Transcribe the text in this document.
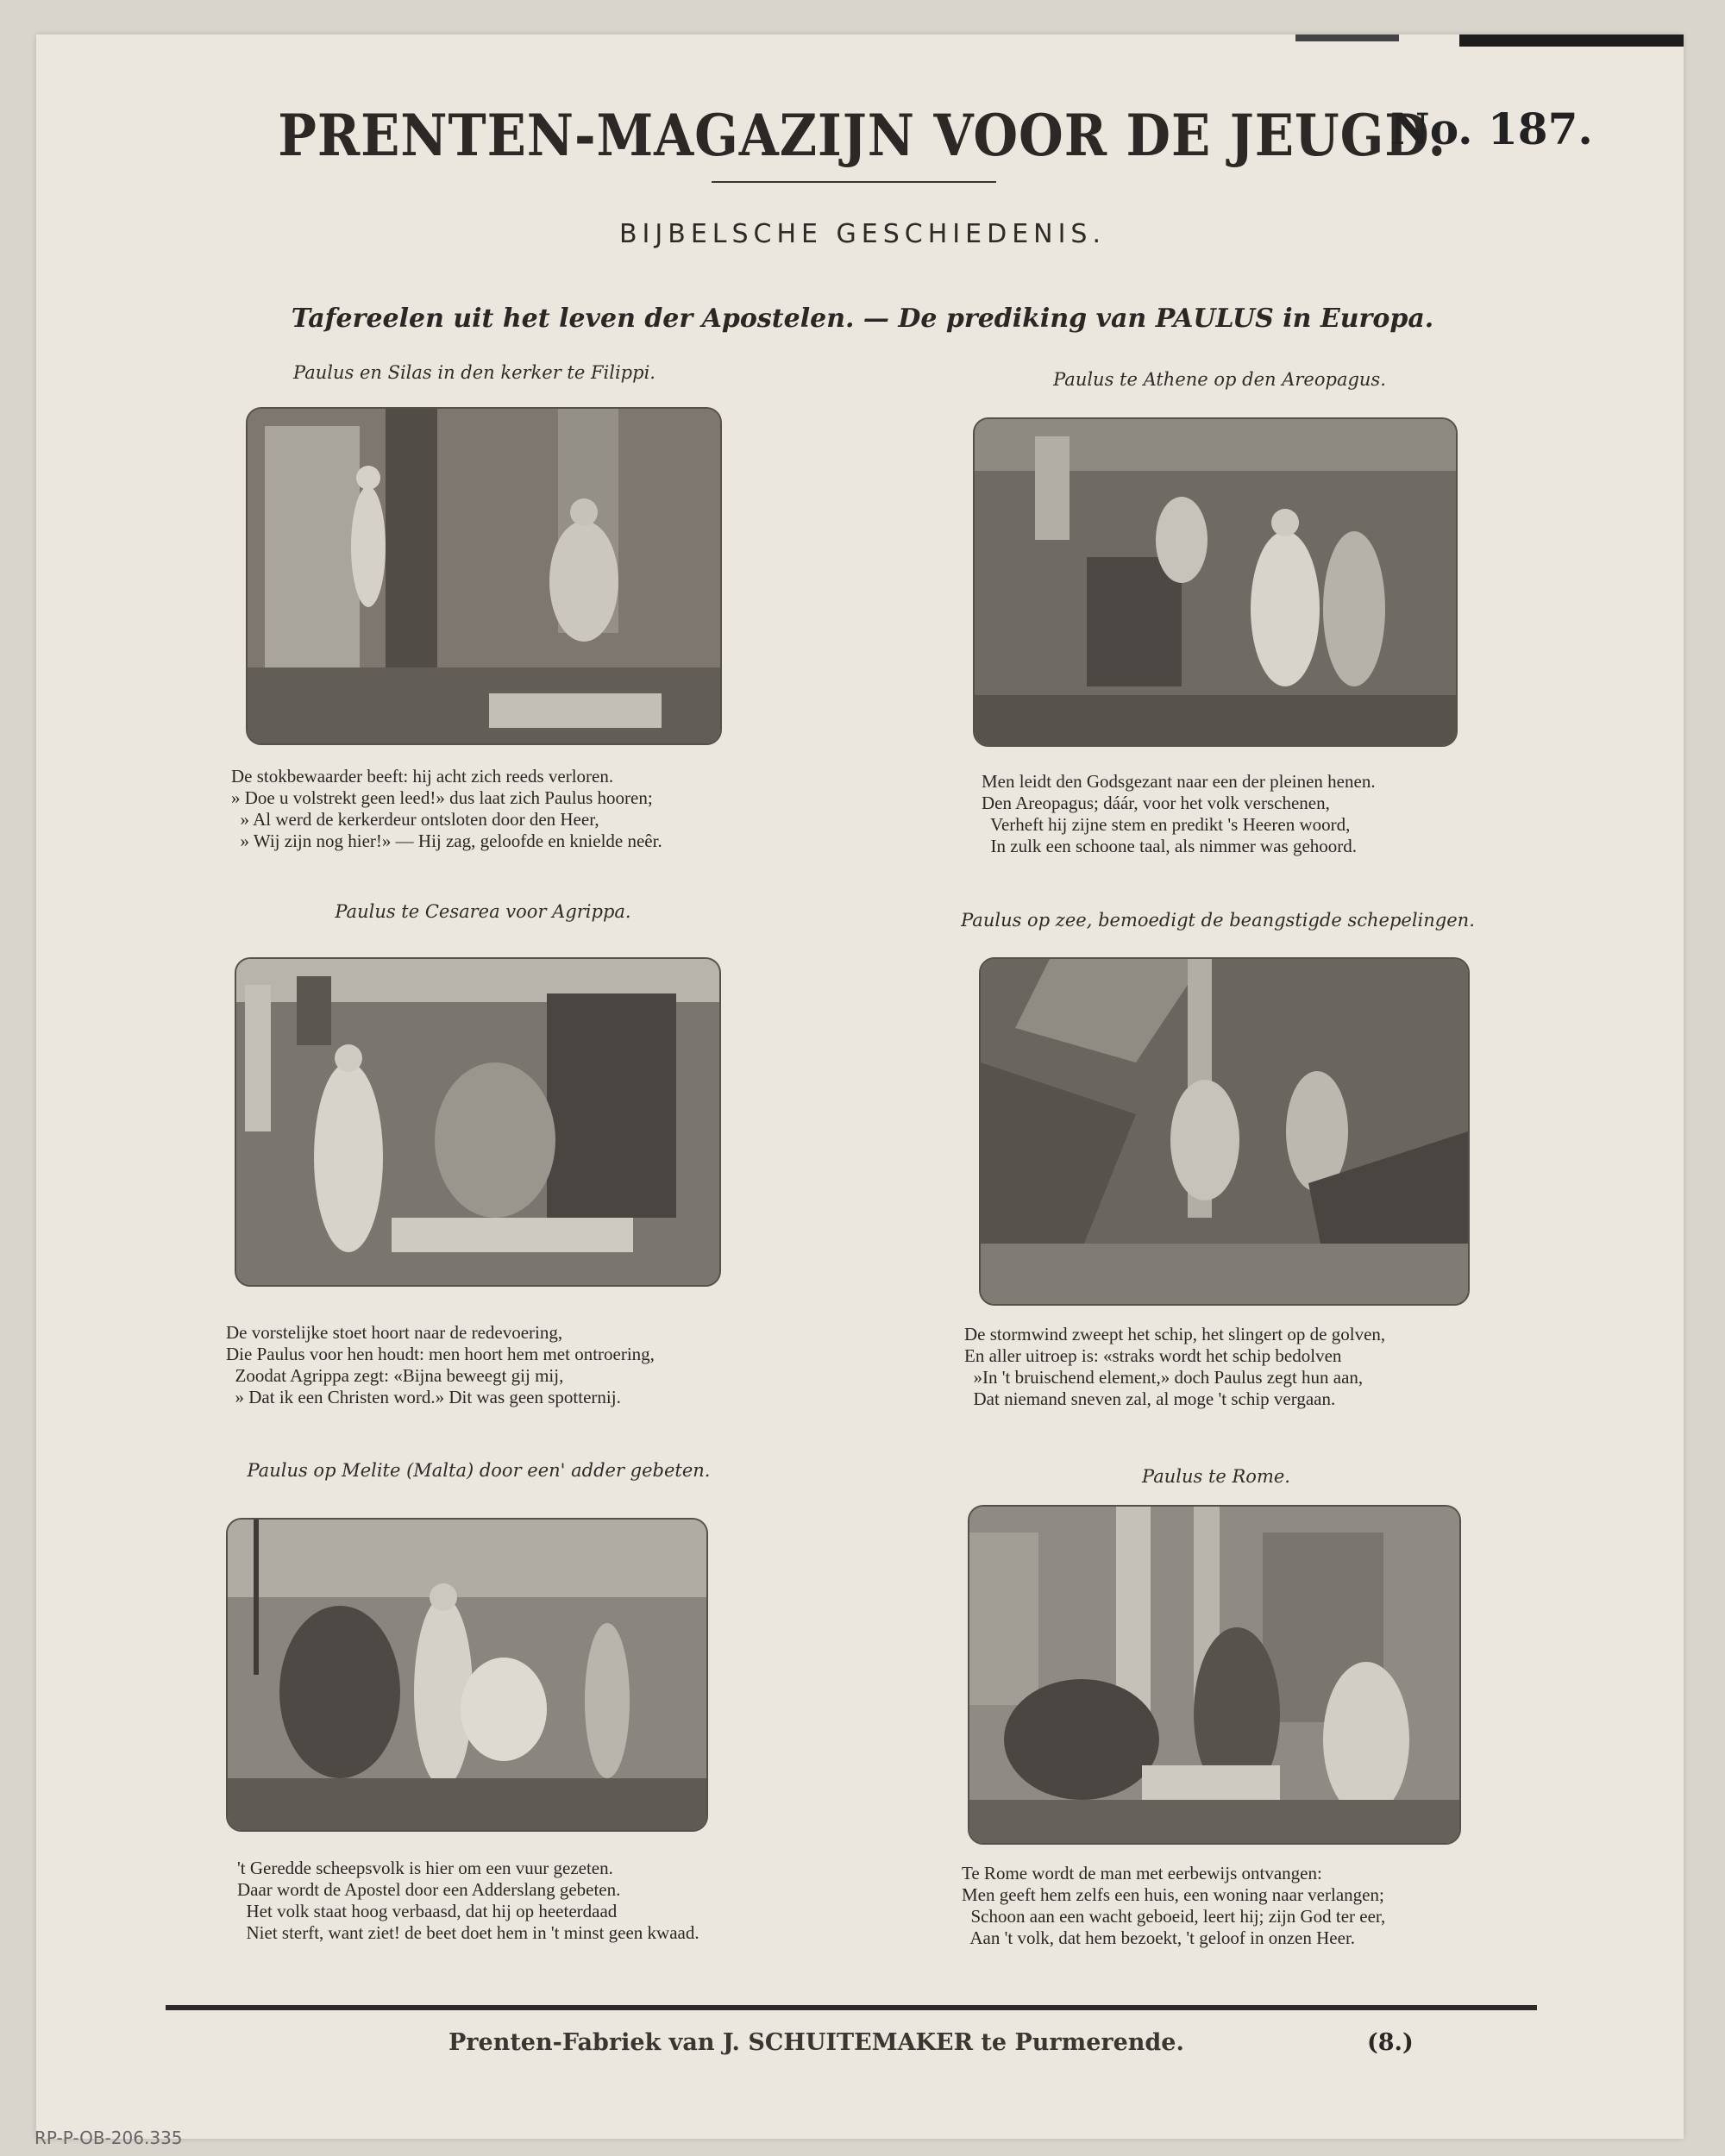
PRENTEN-MAGAZIJN VOOR DE JEUGD.
No. 187.
BIJBELSCHE GESCHIEDENIS.
Tafereelen uit het leven der Apostelen. — De prediking van PAULUS in Europa.
Paulus en Silas in den kerker te Filippi.
De stokbewaarder beeft: hij acht zich reeds verloren.
» Doe u volstrekt geen leed!» dus laat zich Paulus hooren;
» Al werd de kerkerdeur ontsloten door den Heer,
» Wij zijn nog hier!» — Hij zag, geloofde en knielde neêr.
Paulus te Athene op den Areopagus.
Men leidt den Godsgezant naar een der pleinen henen.
Den Areopagus; dáár, voor het volk verschenen,
Verheft hij zijne stem en predikt 's Heeren woord,
In zulk een schoone taal, als nimmer was gehoord.
Paulus te Cesarea voor Agrippa.
De vorstelijke stoet hoort naar de redevoering,
Die Paulus voor hen houdt: men hoort hem met ontroering,
Zoodat Agrippa zegt: «Bijna beweegt gij mij,
» Dat ik een Christen word.» Dit was geen spotternij.
Paulus op zee, bemoedigt de beangstigde schepelingen.
De stormwind zweept het schip, het slingert op de golven,
En aller uitroep is: «straks wordt het schip bedolven
»In 't bruischend element,» doch Paulus zegt hun aan,
Dat niemand sneven zal, al moge 't schip vergaan.
Paulus op Melite (Malta) door een' adder gebeten.
't Geredde scheepsvolk is hier om een vuur gezeten.
Daar wordt de Apostel door een Adderslang gebeten.
Het volk staat hoog verbaasd, dat hij op heeterdaad
Niet sterft, want ziet! de beet doet hem in 't minst geen kwaad.
Paulus te Rome.
Te Rome wordt de man met eerbewijs ontvangen:
Men geeft hem zelfs een huis, een woning naar verlangen;
Schoon aan een wacht geboeid, leert hij; zijn God ter eer,
Aan 't volk, dat hem bezoekt, 't geloof in onzen Heer.
Prenten-Fabriek van J. SCHUITEMAKER te Purmerende.	(8.)
RP-P-OB-206.335
